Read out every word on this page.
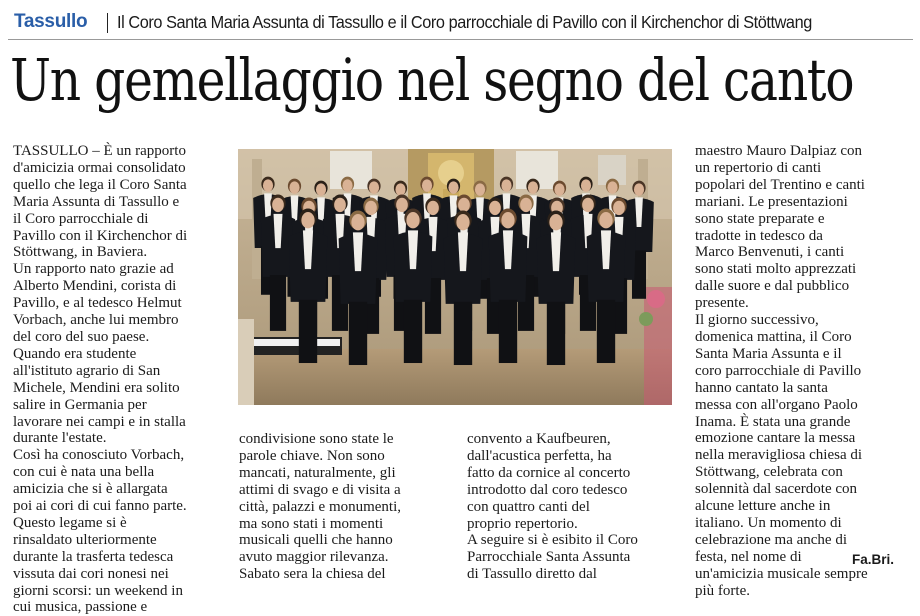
Tassullo Il Coro Santa Maria Assunta di Tassullo e il Coro parrocchiale di Pavillo con il Kirchenchor di Stöttwang
Un gemellaggio nel segno del canto

TASSULLO – È un rapporto

d'amicizia ormai consolidato

quello che lega il Coro Santa

Maria Assunta di Tassullo e

il Coro parrocchiale di

Pavillo con il Kirchenchor di

Stöttwang, in Baviera.

Un rapporto nato grazie ad

Alberto Mendini, corista di

Pavillo, e al tedesco Helmut

Vorbach, anche lui membro

del coro del suo paese.

Quando era studente

all'istituto agrario di San

Michele, Mendini era solito

salire in Germania per

lavorare nei campi e in stalla

durante l'estate.

Così ha conosciuto Vorbach,

con cui è nata una bella

amicizia che si è allargata

poi ai cori di cui fanno parte.

Questo legame si è

rinsaldato ulteriormente

durante la trasferta tedesca

vissuta dai cori nonesi nei

giorni scorsi: un weekend in

cui musica, passione e

condivisione sono state le

parole chiave. Non sono

mancati, naturalmente, gli

attimi di svago e di visita a

città, palazzi e monumenti,

ma sono stati i momenti

musicali quelli che hanno

avuto maggior rilevanza.

Sabato sera la chiesa del

convento a Kaufbeuren,

dall'acustica perfetta, ha

fatto da cornice al concerto

introdotto dal coro tedesco

con quattro canti del

proprio repertorio.

A seguire si è esibito il Coro

Parrocchiale Santa Assunta

di Tassullo diretto dal

maestro Mauro Dalpiaz con

un repertorio di canti

popolari del Trentino e canti

mariani. Le presentazioni

sono state preparate e

tradotte in tedesco da

Marco Benvenuti, i canti

sono stati molto apprezzati

dalle suore e dal pubblico

presente.

Il giorno successivo,

domenica mattina, il Coro

Santa Maria Assunta e il

coro parrocchiale di Pavillo

hanno cantato la santa

messa con all'organo Paolo

Inama. È stata una grande

emozione cantare la messa

nella meravigliosa chiesa di

Stöttwang, celebrata con

solennità dal sacerdote con

alcune letture anche in

italiano. Un momento di

celebrazione ma anche di

festa, nel nome di

un'amicizia musicale sempre

più forte.

Fa.Bri.
